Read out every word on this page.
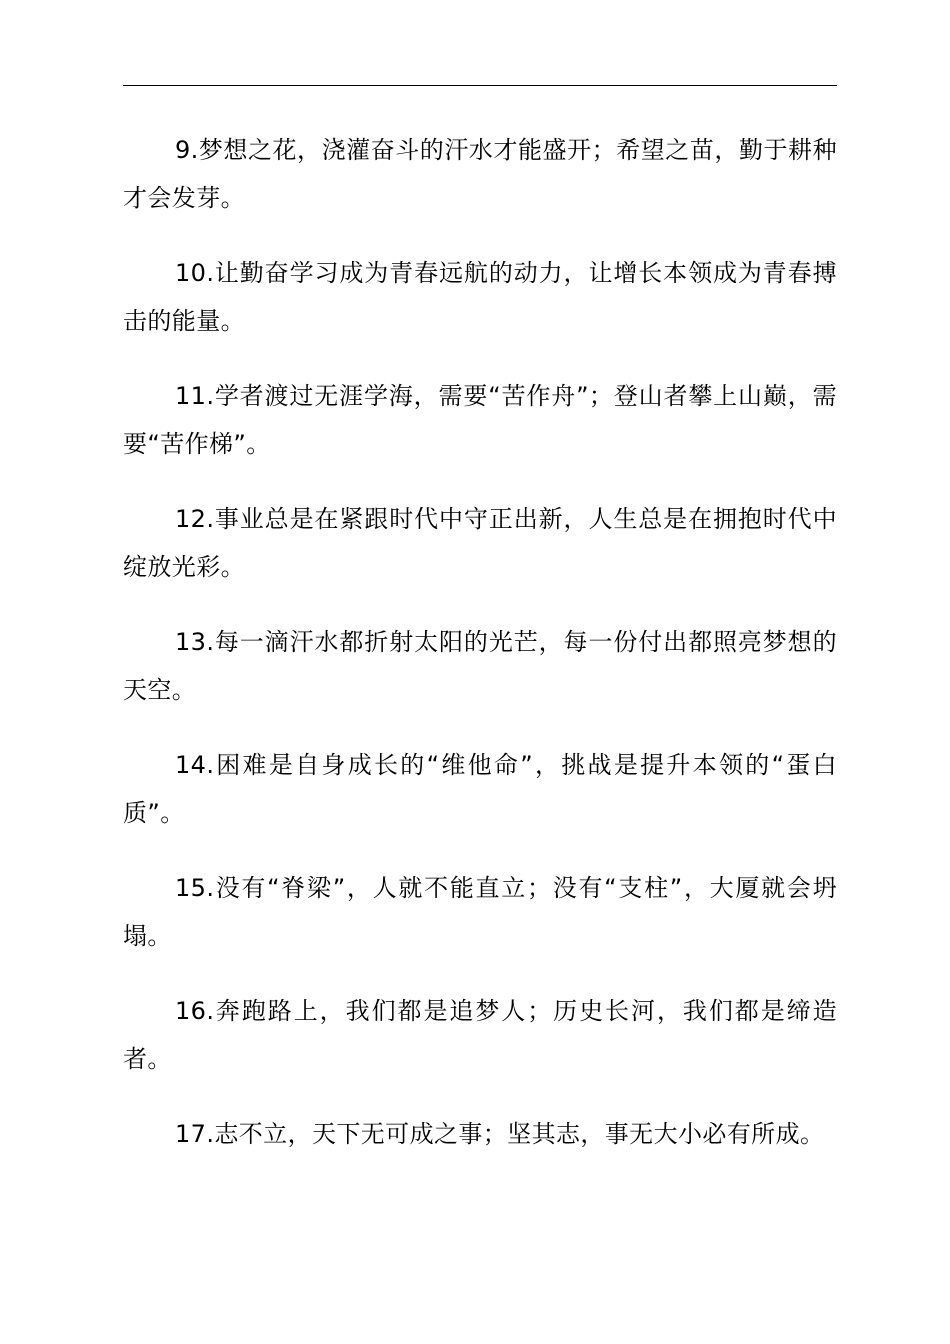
9.梦想之花，浇灌奋斗的汗水才能盛开；希望之苗，勤于耕种才会发芽。

10.让勤奋学习成为青春远航的动力，让增长本领成为青春搏击的能量。

11.学者渡过无涯学海，需要“苦作舟”；登山者攀上山巅，需要“苦作梯”。

12.事业总是在紧跟时代中守正出新，人生总是在拥抱时代中绽放光彩。

13.每一滴汗水都折射太阳的光芒，每一份付出都照亮梦想的天空。

14.困难是自身成长的“维他命”，挑战是提升本领的“蛋白质”。

15.没有“脊梁”，人就不能直立；没有“支柱”，大厦就会坍塌。

16.奔跑路上，我们都是追梦人；历史长河，我们都是缔造者。

17.志不立，天下无可成之事；坚其志，事无大小必有所成。
